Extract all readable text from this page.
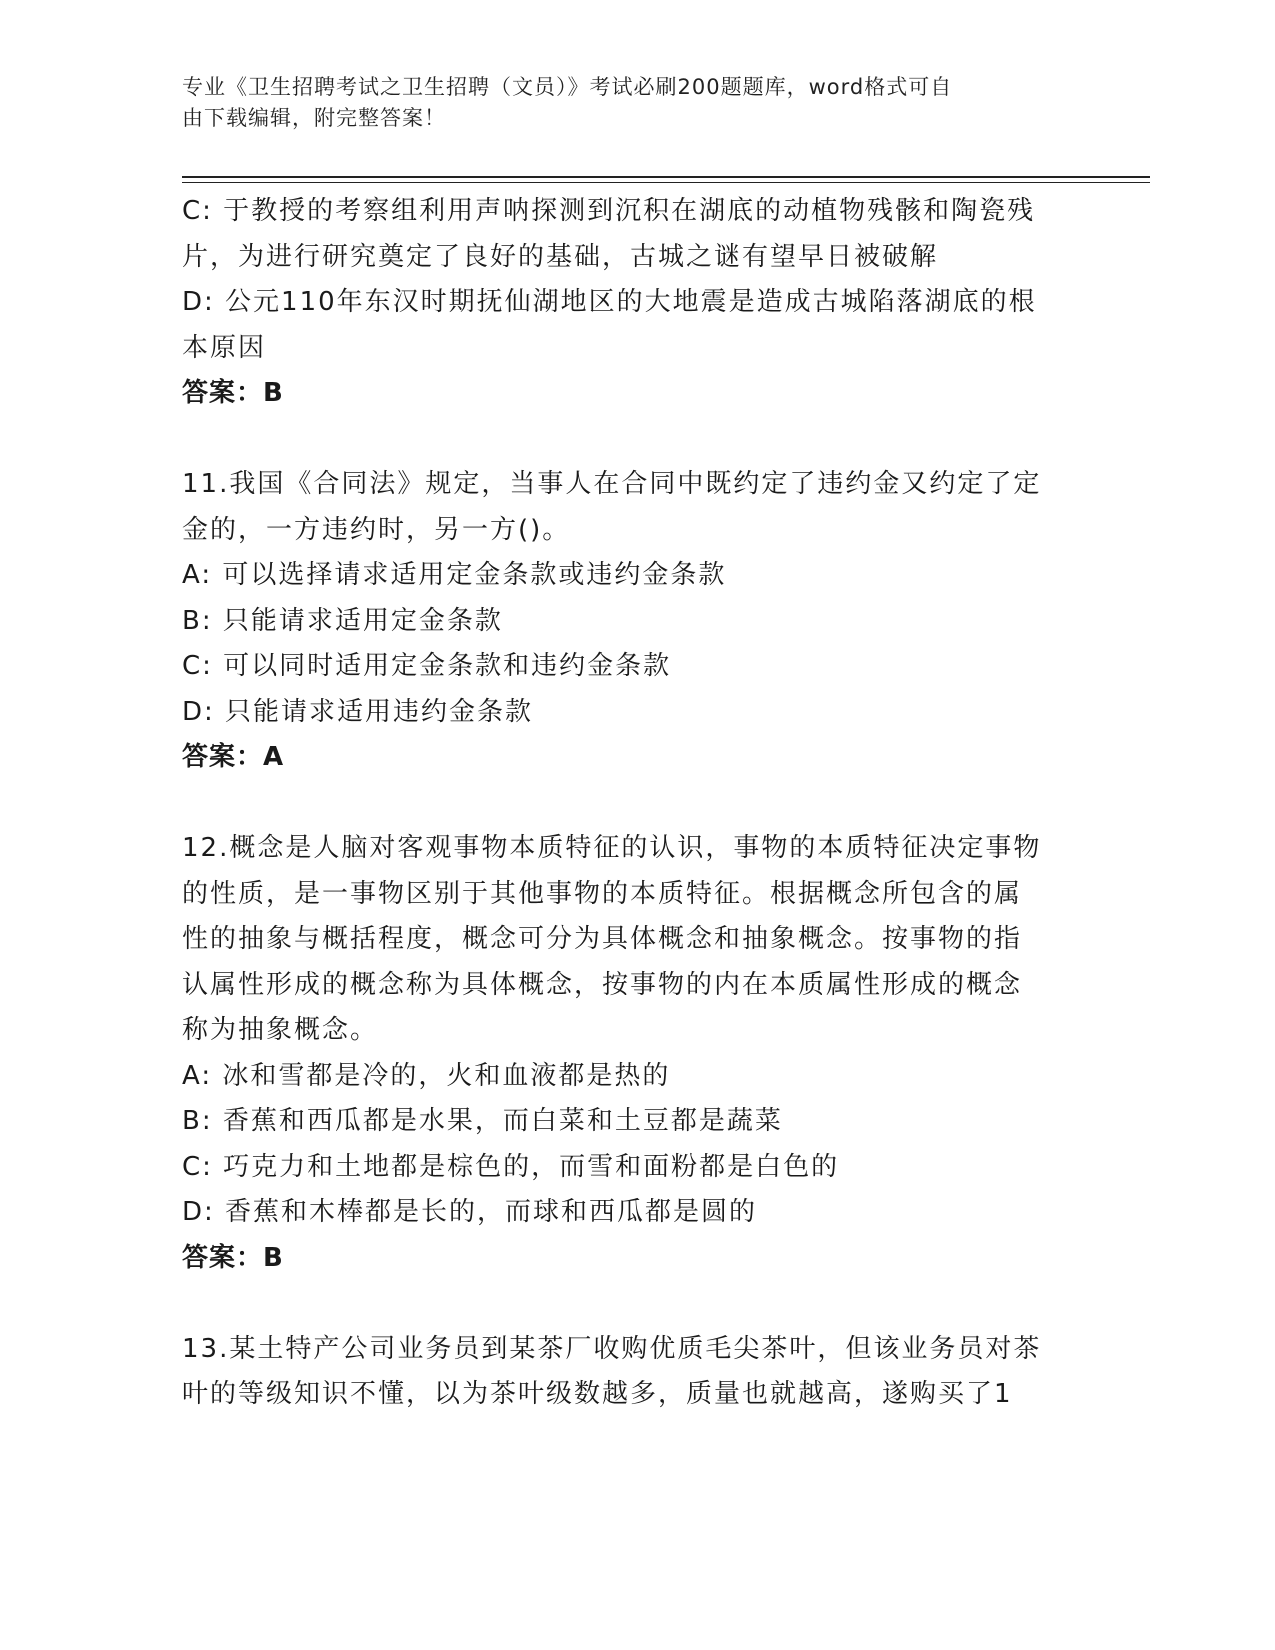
专业《卫生招聘考试之卫生招聘（文员）》考试必刷200题题库，word格式可自
由下载编辑，附完整答案！
C: 于教授的考察组利用声呐探测到沉积在湖底的动植物残骸和陶瓷残
片，为进行研究奠定了良好的基础，古城之谜有望早日被破解
D: 公元110年东汉时期抚仙湖地区的大地震是造成古城陷落湖底的根
本原因
答案：B
11.我国《合同法》规定，当事人在合同中既约定了违约金又约定了定
金的，一方违约时，另一方()。
A: 可以选择请求适用定金条款或违约金条款
B: 只能请求适用定金条款
C: 可以同时适用定金条款和违约金条款
D: 只能请求适用违约金条款
答案：A
12.概念是人脑对客观事物本质特征的认识，事物的本质特征决定事物
的性质，是一事物区别于其他事物的本质特征。根据概念所包含的属
性的抽象与概括程度，概念可分为具体概念和抽象概念。按事物的指
认属性形成的概念称为具体概念，按事物的内在本质属性形成的概念
称为抽象概念。
A: 冰和雪都是冷的，火和血液都是热的
B: 香蕉和西瓜都是水果，而白菜和土豆都是蔬菜
C: 巧克力和土地都是棕色的，而雪和面粉都是白色的
D: 香蕉和木棒都是长的，而球和西瓜都是圆的
答案：B
13.某土特产公司业务员到某茶厂收购优质毛尖茶叶，但该业务员对茶
叶的等级知识不懂，以为茶叶级数越多，质量也就越高，遂购买了1
